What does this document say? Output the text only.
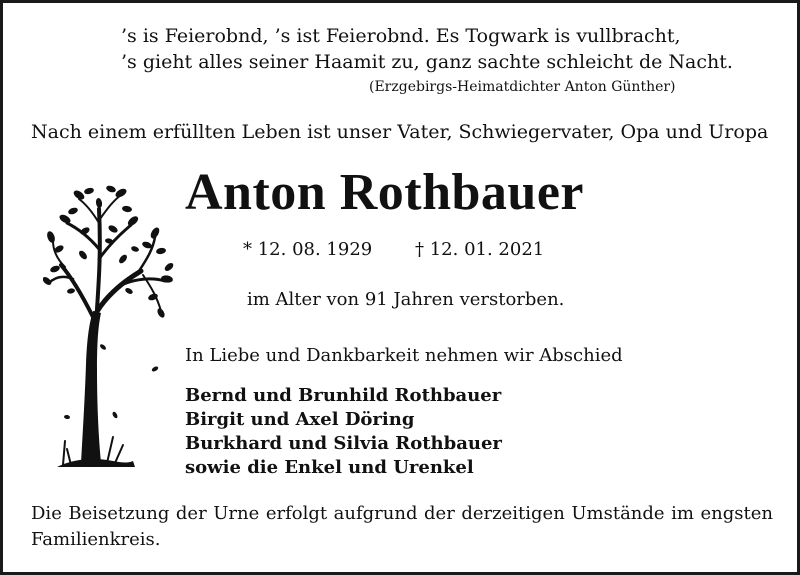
’s is Feierobnd, ’s ist Feierobnd. Es Togwark is vullbracht,
’s gieht alles seiner Haamit zu, ganz sachte schleicht de Nacht.
(Erzgebirgs-Heimatdichter Anton Günther)
Nach einem erfüllten Leben ist unser Vater, Schwiegervater, Opa und Uropa
Anton Rothbauer
* 12. 08. 1929 † 12. 01. 2021
im Alter von 91 Jahren verstorben.
In Liebe und Dankbarkeit nehmen wir Abschied
Bernd und Brunhild Rothbauer
Birgit und Axel Döring
Burkhard und Silvia Rothbauer
sowie die Enkel und Urenkel
Die Beisetzung der Urne erfolgt aufgrund der derzeitigen Umstände im engsten Familienkreis.
